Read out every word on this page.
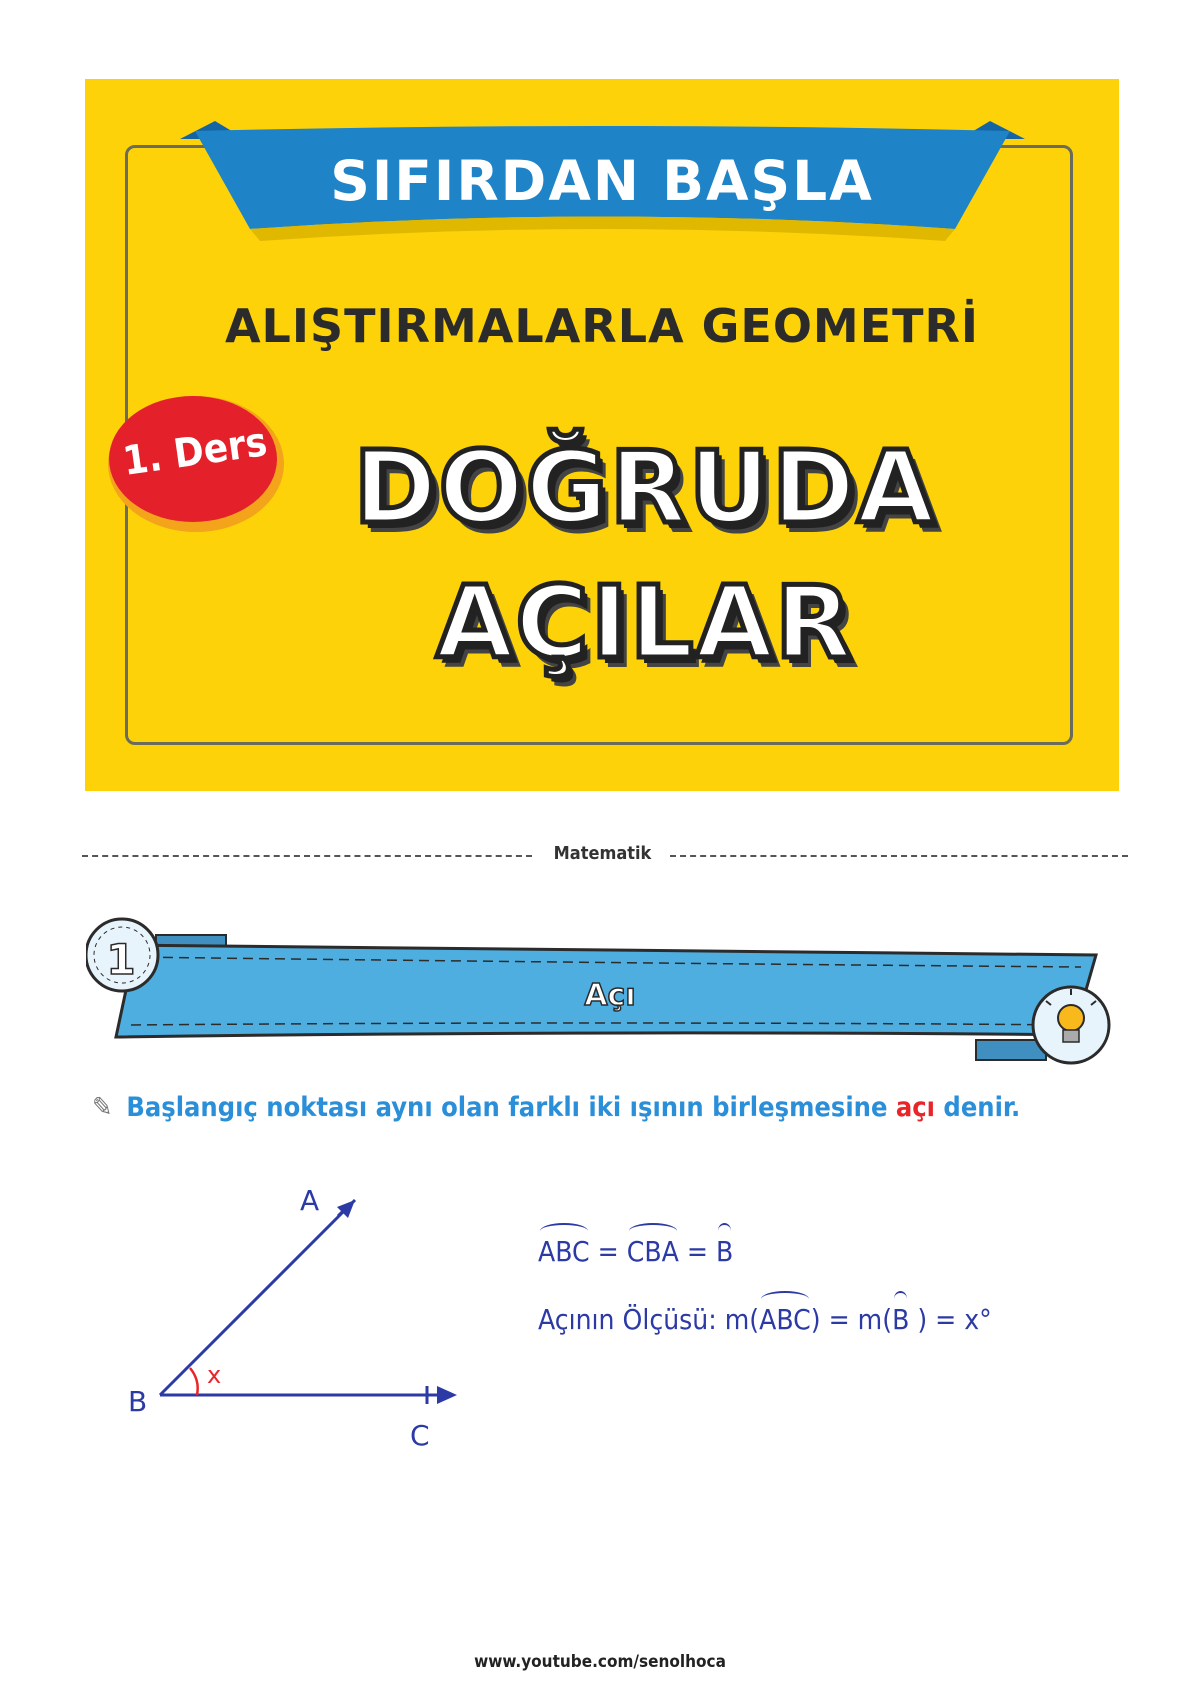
SIFIRDAN BAŞLA
ALIŞTIRMALARLA GEOMETRİ
1. Ders DOĞRUDA
AÇILAR
Matematik
1
Açı
✎ Başlangıç noktası aynı olan farklı iki ışının birleşmesine açı denir.
A
B
C
x
ABC = CBA = B
Açının Ölçüsü: m(ABC) = m(B ) = x°
www.youtube.com/senolhoca
